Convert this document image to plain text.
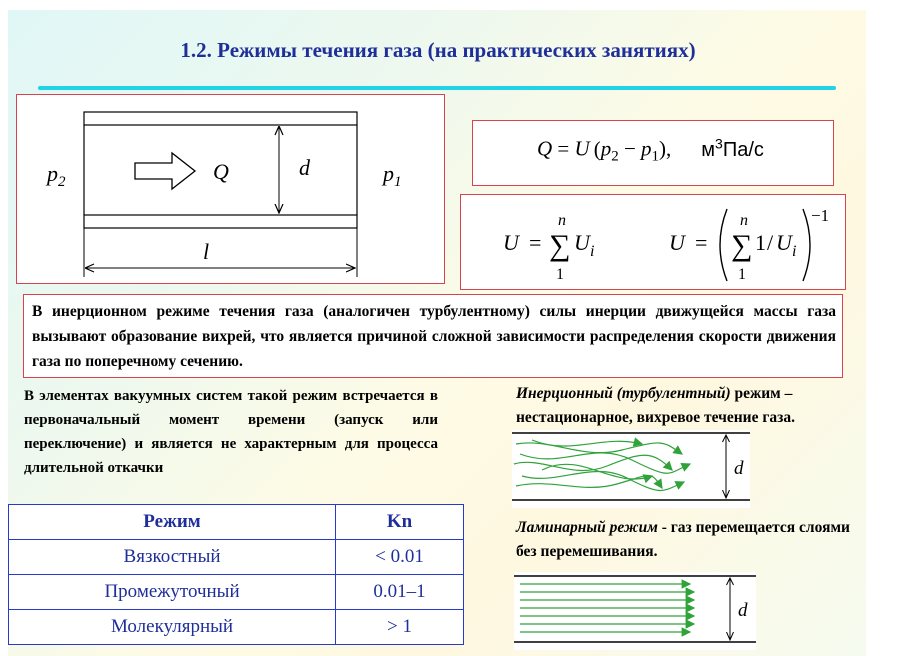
1.2. Режимы течения газа (на практических занятиях)
$p_2$	$p_1$
Q	d
l
Q = U $(p_2 - p_1)$, $м^3Па/с$
U =
n
∑
1
U i	U =
n
∑
1
1 / U i
−1
В инерционном режиме течения газа (аналогичен турбулентному) силы инерции движущейся массы газа вызывают образование вихрей, что является причиной сложной зависимости распределения скорости движения газа по поперечному сечению.
В элементах вакуумных систем такой режим встречается в первоначальный момент времени (запуск или переключение) и является не характерным для процесса длительной откачки
Инерционный (турбулентный) режим – нестационарное, вихревое течение газа.
d
Ламинарный режим - газ перемещается слоями без перемешивания.
d
Режим	Kn
Вязкостный	< 0.01
Промежуточный	0.01–1
Молекулярный	> 1
